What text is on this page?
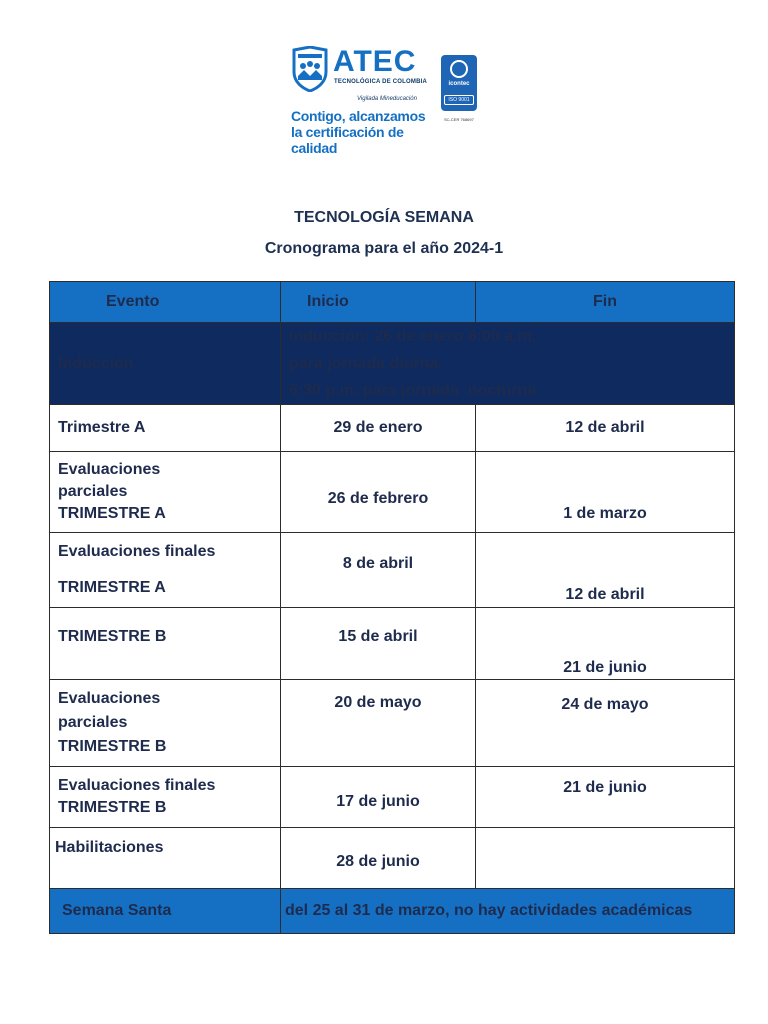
ATEC
TECNOLÓGICA DE COLOMBIA
Vigilada Mineducación
Contigo, alcanzamos la certificación de calidad
icontec
ISO 9001
SC-CER 768697
TECNOLOGÍA SEMANA
Cronograma para el año 2024-1
Evento	Inicio	Fin
Inducción	Inducción: 26 de enero 8:00 a.m.
para jornada diurna.
6:30 p.m. para jornada  nocturna	

Trimestre A	29 de enero	12 de abril

Evaluaciones
parciales
TRIMESTRE A	26 de febrero	1 de marzo

Evaluaciones finales
TRIMESTRE A	8 de abril	12 de abril
TRIMESTRE B	15 de abril	21 de junio

Evaluaciones
parciales
TRIMESTRE B	20 de mayo	24 de mayo

Evaluaciones finales
TRIMESTRE B	17 de junio	21 de junio
Habilitaciones	28 de junio	
Semana Santa	del 25 al 31 de marzo, no hay actividades académicas	
